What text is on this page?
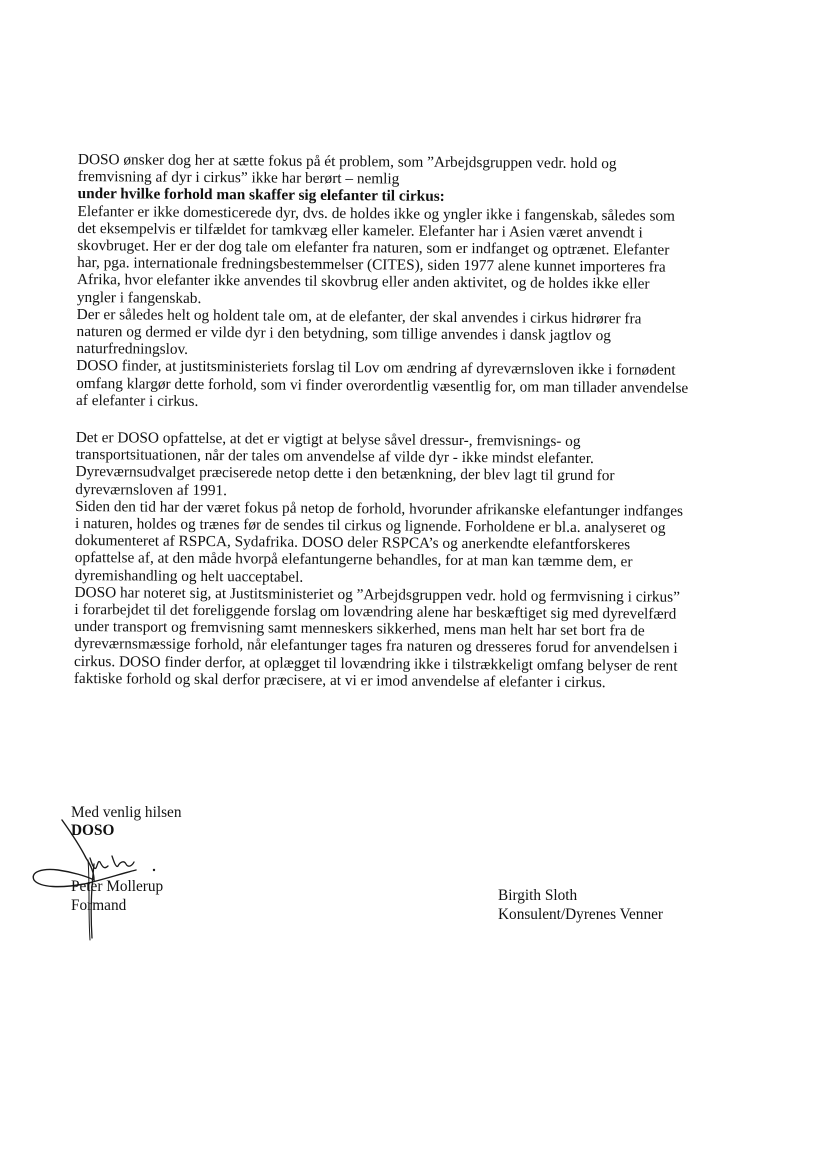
DOSO ønsker dog her at sætte fokus på ét problem, som ”Arbejdsgruppen vedr. hold og

fremvisning af dyr i cirkus” ikke har berørt – nemlig

under hvilke forhold man skaffer sig elefanter til cirkus:

Elefanter er ikke domesticerede dyr, dvs. de holdes ikke og yngler ikke i fangenskab, således som

det eksempelvis er tilfældet for tamkvæg eller kameler. Elefanter har i Asien været anvendt i

skovbruget. Her er der dog tale om elefanter fra naturen, som er indfanget og optrænet. Elefanter

har, pga. internationale fredningsbestemmelser (CITES), siden 1977 alene kunnet importeres fra

Afrika, hvor elefanter ikke anvendes til skovbrug eller anden aktivitet, og de holdes ikke eller

yngler i fangenskab.

Der er således helt og holdent tale om, at de elefanter, der skal anvendes i cirkus hidrører fra

naturen og dermed er vilde dyr i den betydning, som tillige anvendes i dansk jagtlov og

naturfredningslov.

DOSO finder, at justitsministeriets forslag til Lov om ændring af dyreværnsloven ikke i fornødent

omfang klargør dette forhold, som vi finder overordentlig væsentlig for, om man tillader anvendelse

af elefanter i cirkus.

Det er DOSO opfattelse, at det er vigtigt at belyse såvel dressur-, fremvisnings- og

transportsituationen, når der tales om anvendelse af vilde dyr - ikke mindst elefanter.

Dyreværnsudvalget præciserede netop dette i den betænkning, der blev lagt til grund for

dyreværnsloven af 1991.

Siden den tid har der været fokus på netop de forhold, hvorunder afrikanske elefantunger indfanges

i naturen, holdes og trænes før de sendes til cirkus og lignende. Forholdene er bl.a. analyseret og

dokumenteret af RSPCA, Sydafrika. DOSO deler RSPCA’s og anerkendte elefantforskeres

opfattelse af, at den måde hvorpå elefantungerne behandles, for at man kan tæmme dem, er

dyremishandling og helt uacceptabel.

DOSO har noteret sig, at Justitsministeriet og ”Arbejdsgruppen vedr. hold og fermvisning i cirkus”

i forarbejdet til det foreliggende forslag om lovændring alene har beskæftiget sig med dyrevelfærd

under transport og fremvisning samt menneskers sikkerhed, mens man helt har set bort fra de

dyreværnsmæssige forhold, når elefantunger tages fra naturen og dresseres forud for anvendelsen i

cirkus. DOSO finder derfor, at oplægget til lovændring ikke i tilstrækkeligt omfang belyser de rent

faktiske forhold og skal derfor præcisere, at vi er imod anvendelse af elefanter i cirkus.

Med venlig hilsen
DOSO
Peter Mollerup
Formand
Birgith Sloth
Konsulent/Dyrenes Venner
